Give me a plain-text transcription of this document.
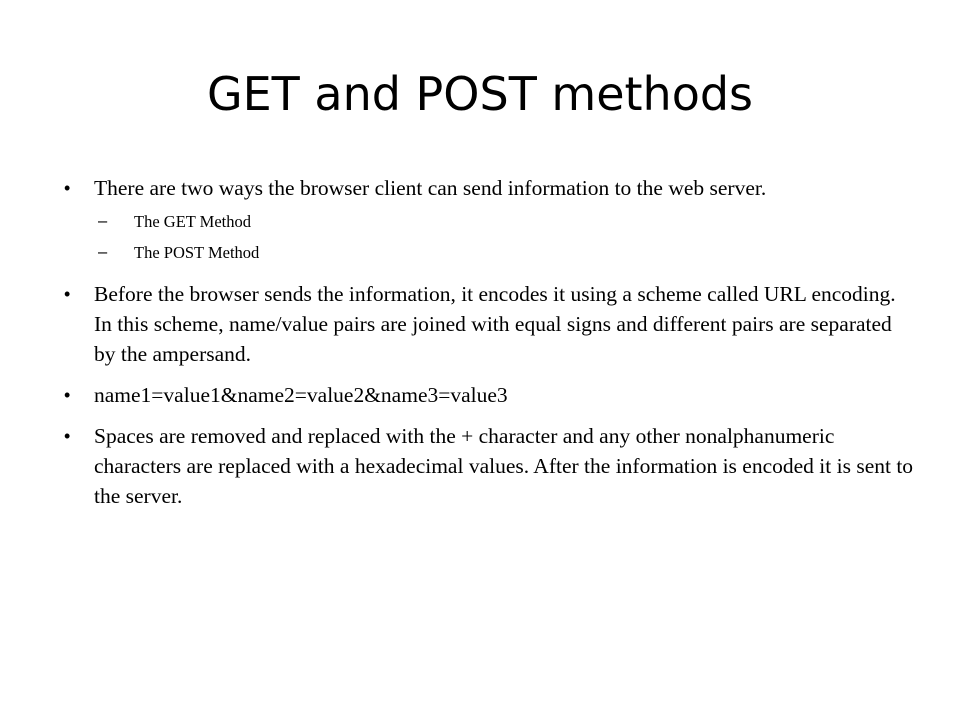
GET and POST methods
• There are two ways the browser client can send information to the web server.
– The GET Method
– The POST Method
• Before the browser sends the information, it encodes it using a scheme called URL encoding. In this scheme, name/value pairs are joined with equal signs and different pairs are separated by the ampersand.
• name1=value1&name2=value2&name3=value3
• Spaces are removed and replaced with the + character and any other nonalphanumeric characters are replaced with a hexadecimal values. After the information is encoded it is sent to the server.
